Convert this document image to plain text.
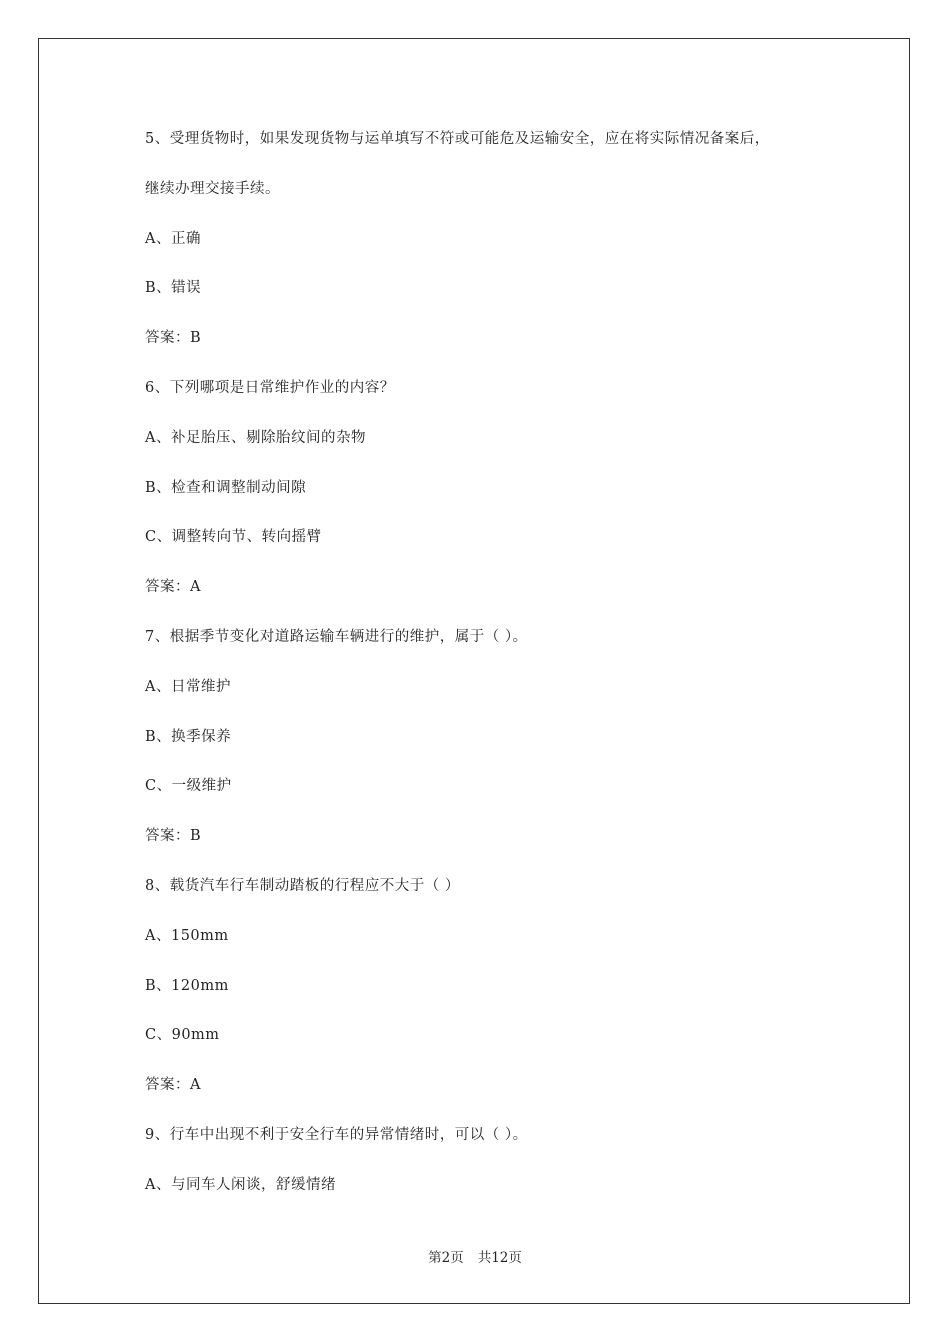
5、受理货物时，如果发现货物与运单填写不符或可能危及运输安全，应在将实际情况备案后，
继续办理交接手续。
A、正确
B、错误
答案：B
6、下列哪项是日常维护作业的内容？
A、补足胎压、剔除胎纹间的杂物
B、检查和调整制动间隙
C、调整转向节、转向摇臂
答案：A
7、根据季节变化对道路运输车辆进行的维护，属于（ ）。
A、日常维护
B、换季保养
C、一级维护
答案：B
8、载货汽车行车制动踏板的行程应不大于（ ）
A、150mm
B、120mm
C、90mm
答案：A
9、行车中出现不利于安全行车的异常情绪时，可以（ ）。
A、与同车人闲谈，舒缓情绪
第2页 共12页
